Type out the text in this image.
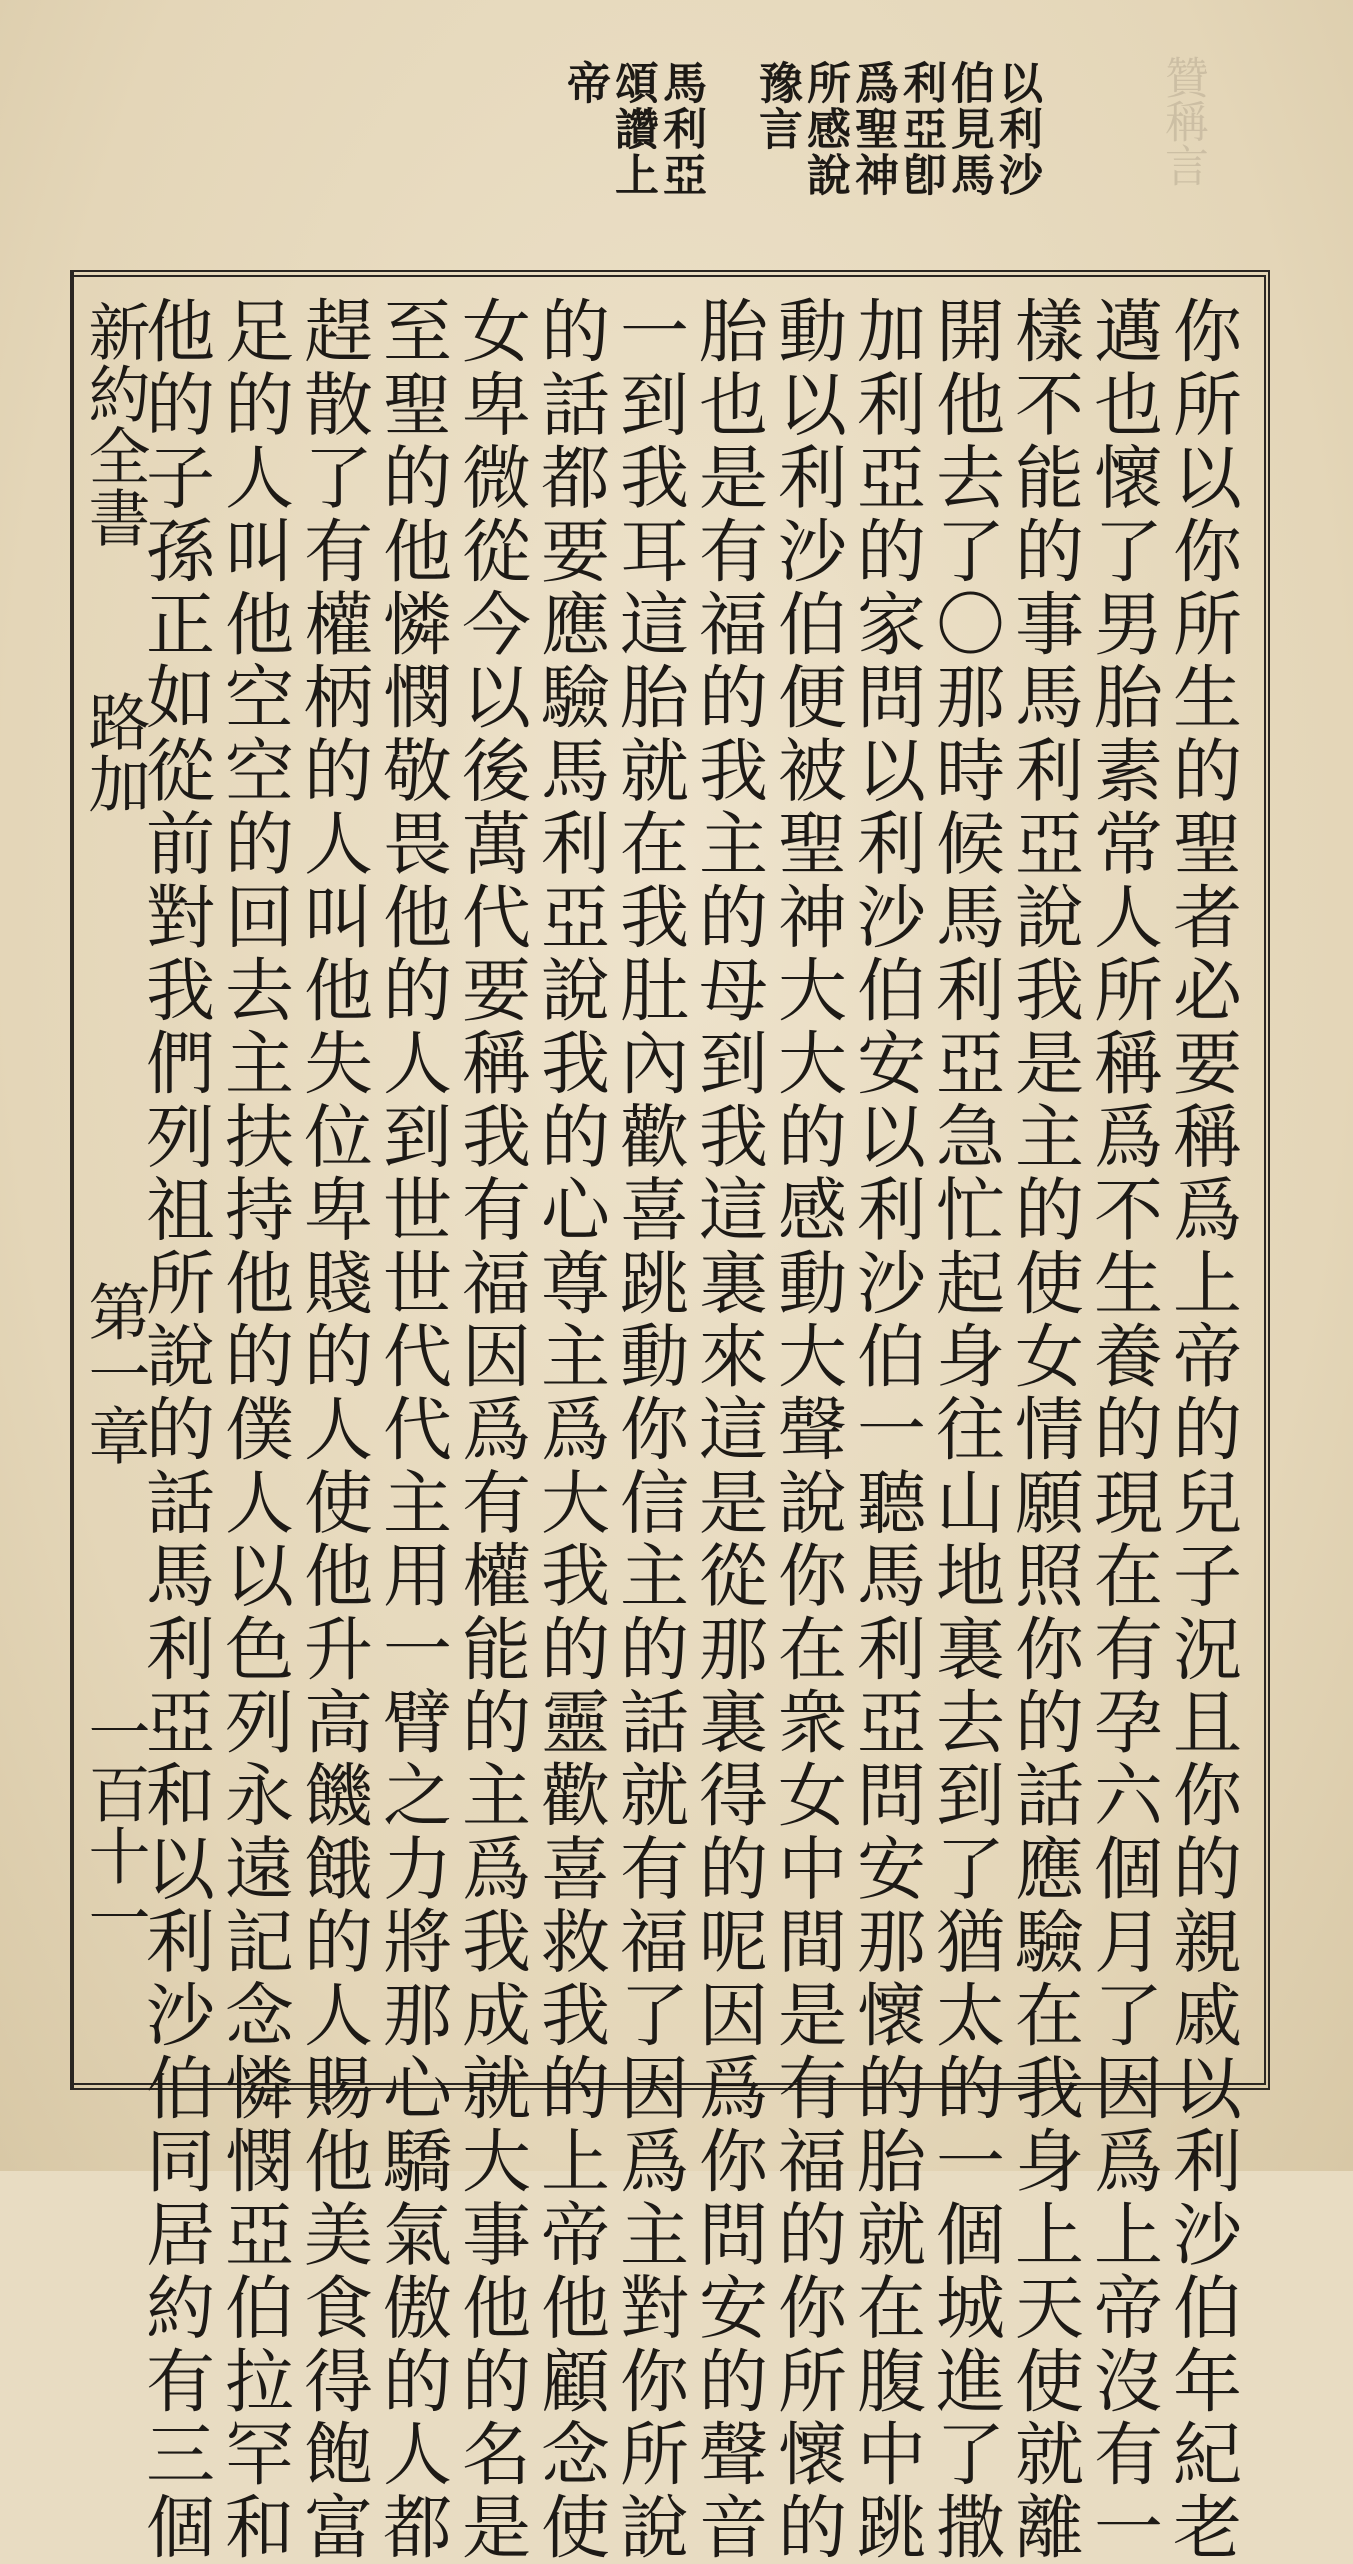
贊稱言
以利沙伯見馬利亞卽爲聖神所感說豫言
馬利亞頌讚上帝
你所以你所生的聖者必要稱爲上帝的兒子況且你的親戚以利沙伯年紀老
邁也懷了男胎素常人所稱爲不生養的現在有孕六個月了因爲上帝沒有一
樣不能的事馬利亞說我是主的使女情願照你的話應驗在我身上天使就離
開他去了〇那時候馬利亞急忙起身往山地裏去到了猶太的一個城進了撒
加利亞的家問以利沙伯安以利沙伯一聽馬利亞問安那懷的胎就在腹中跳
動以利沙伯便被聖神大大的感動大聲說你在衆女中間是有福的你所懷的
胎也是有福的我主的母到我這裏來這是從那裏得的呢因爲你問安的聲音
一到我耳這胎就在我肚內歡喜跳動你信主的話就有福了因爲主對你所說
的話都要應驗馬利亞說我的心尊主爲大我的靈歡喜救我的上帝他顧念使
女卑微從今以後萬代要稱我有福因爲有權能的主爲我成就大事他的名是
至聖的他憐憫敬畏他的人到世世代代主用一臂之力將那心驕氣傲的人都
趕散了有權柄的人叫他失位卑賤的人使他升高饑餓的人賜他美食得飽富
足的人叫他空空的回去主扶持他的僕人以色列永遠記念憐憫亞伯拉罕和
他的子孫正如從前對我們列祖所說的話馬利亞和以利沙伯同居約有三個
新約全書
路加
第一章
一百十一
